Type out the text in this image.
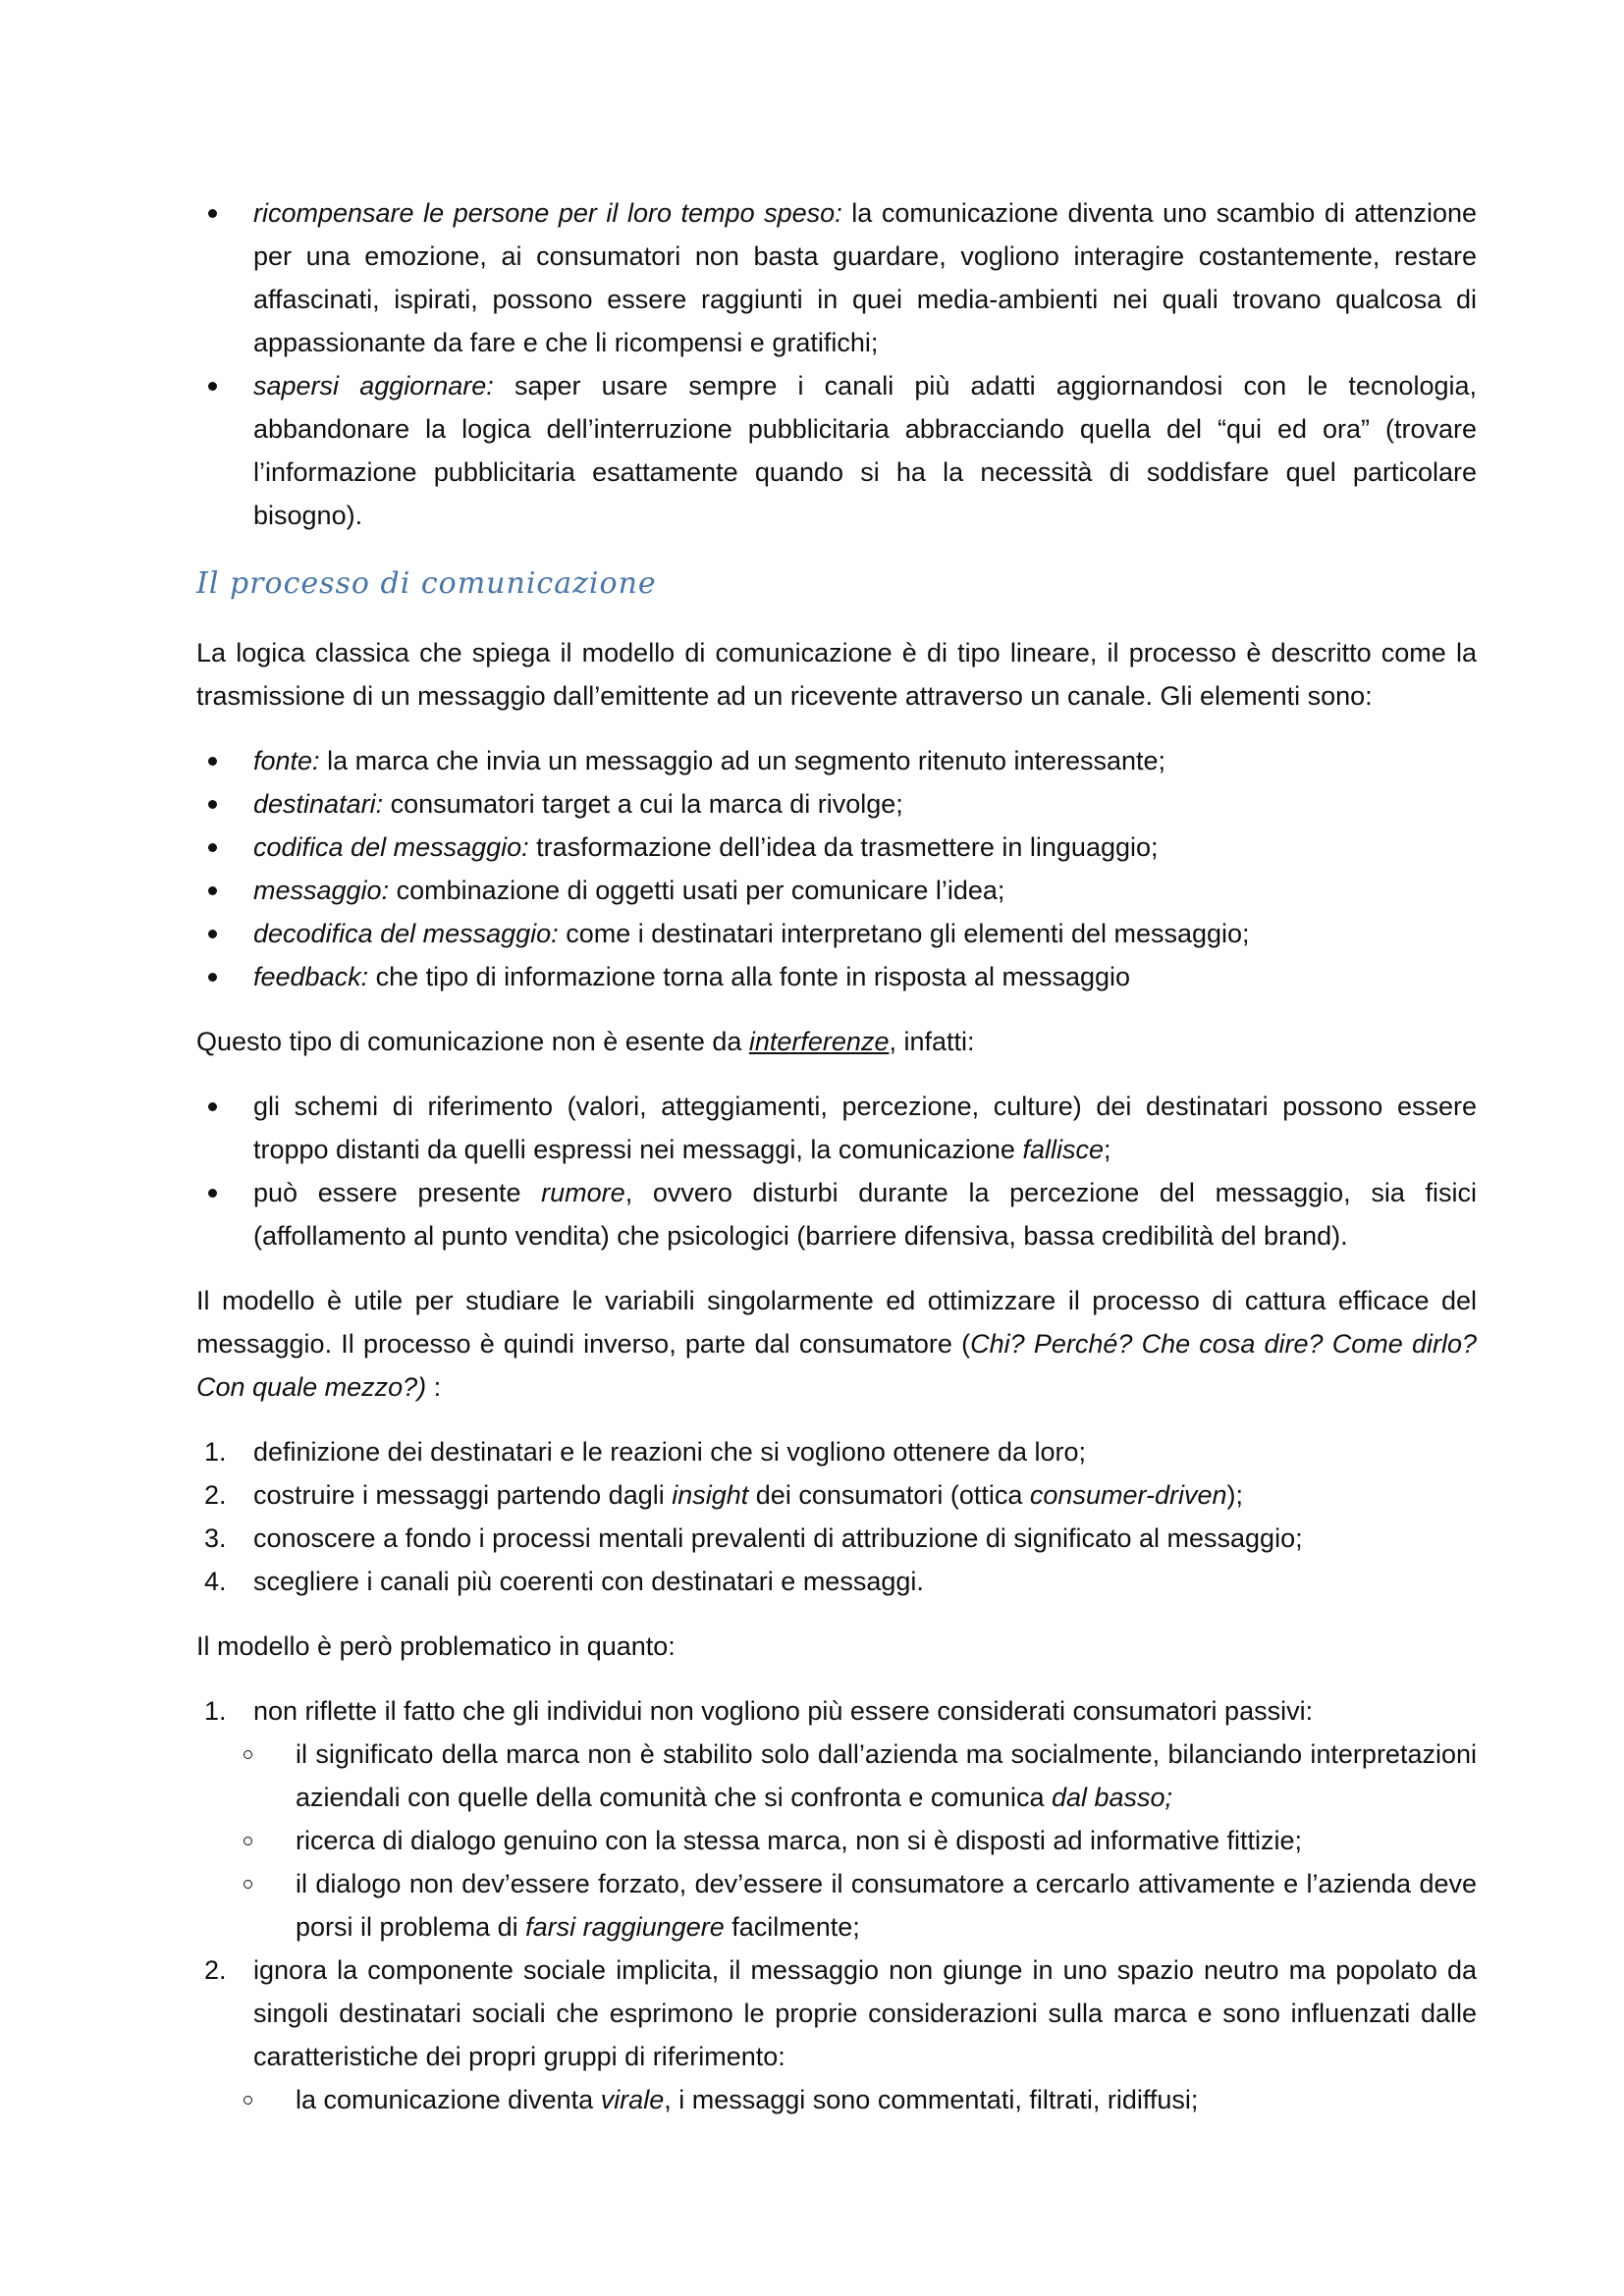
ricompensare le persone per il loro tempo speso: la comunicazione diventa uno scambio di attenzione per una emozione, ai consumatori non basta guardare, vogliono interagire costantemente, restare affascinati, ispirati, possono essere raggiunti in quei media-ambienti nei quali trovano qualcosa di appassionante da fare e che li ricompensi e gratifichi;
sapersi aggiornare: saper usare sempre i canali più adatti aggiornandosi con le tecnologia, abbandonare la logica dell’interruzione pubblicitaria abbracciando quella del “qui ed ora” (trovare l’informazione pubblicitaria esattamente quando si ha la necessità di soddisfare quel particolare bisogno).
Il processo di comunicazione

La logica classica che spiega il modello di comunicazione è di tipo lineare, il processo è descritto come la trasmissione di un messaggio dall’emittente ad un ricevente attraverso un canale. Gli elementi sono:

fonte: la marca che invia un messaggio ad un segmento ritenuto interessante;
destinatari: consumatori target a cui la marca di rivolge;
codifica del messaggio: trasformazione dell’idea da trasmettere in linguaggio;
messaggio: combinazione di oggetti usati per comunicare l’idea;
decodifica del messaggio: come i destinatari interpretano gli elementi del messaggio;
feedback: che tipo di informazione torna alla fonte in risposta al messaggio

Questo tipo di comunicazione non è esente da interferenze, infatti:

gli schemi di riferimento (valori, atteggiamenti, percezione, culture) dei destinatari possono essere troppo distanti da quelli espressi nei messaggi, la comunicazione fallisce;
può essere presente rumore, ovvero disturbi durante la percezione del messaggio, sia fisici (affollamento al punto vendita) che psicologici (barriere difensiva, bassa credibilità del brand).

Il modello è utile per studiare le variabili singolarmente ed ottimizzare il processo di cattura efficace del messaggio. Il processo è quindi inverso, parte dal consumatore (Chi? Perché? Che cosa dire? Come dirlo? Con quale mezzo?) :

1. definizione dei destinatari e le reazioni che si vogliono ottenere da loro;
2. costruire i messaggi partendo dagli insight dei consumatori (ottica consumer-driven);
3. conoscere a fondo i processi mentali prevalenti di attribuzione di significato al messaggio;
4. scegliere i canali più coerenti con destinatari e messaggi.

Il modello è però problematico in quanto:

1. non riflette il fatto che gli individui non vogliono più essere considerati consumatori passivi:
il significato della marca non è stabilito solo dall’azienda ma socialmente, bilanciando interpretazioni aziendali con quelle della comunità che si confronta e comunica dal basso;
ricerca di dialogo genuino con la stessa marca, non si è disposti ad informative fittizie;
il dialogo non dev’essere forzato, dev’essere il consumatore a cercarlo attivamente e l’azienda deve porsi il problema di farsi raggiungere facilmente;
2. ignora la componente sociale implicita, il messaggio non giunge in uno spazio neutro ma popolato da singoli destinatari sociali che esprimono le proprie considerazioni sulla marca e sono influenzati dalle caratteristiche dei propri gruppi di riferimento:
la comunicazione diventa virale, i messaggi sono commentati, filtrati, ridiffusi;
